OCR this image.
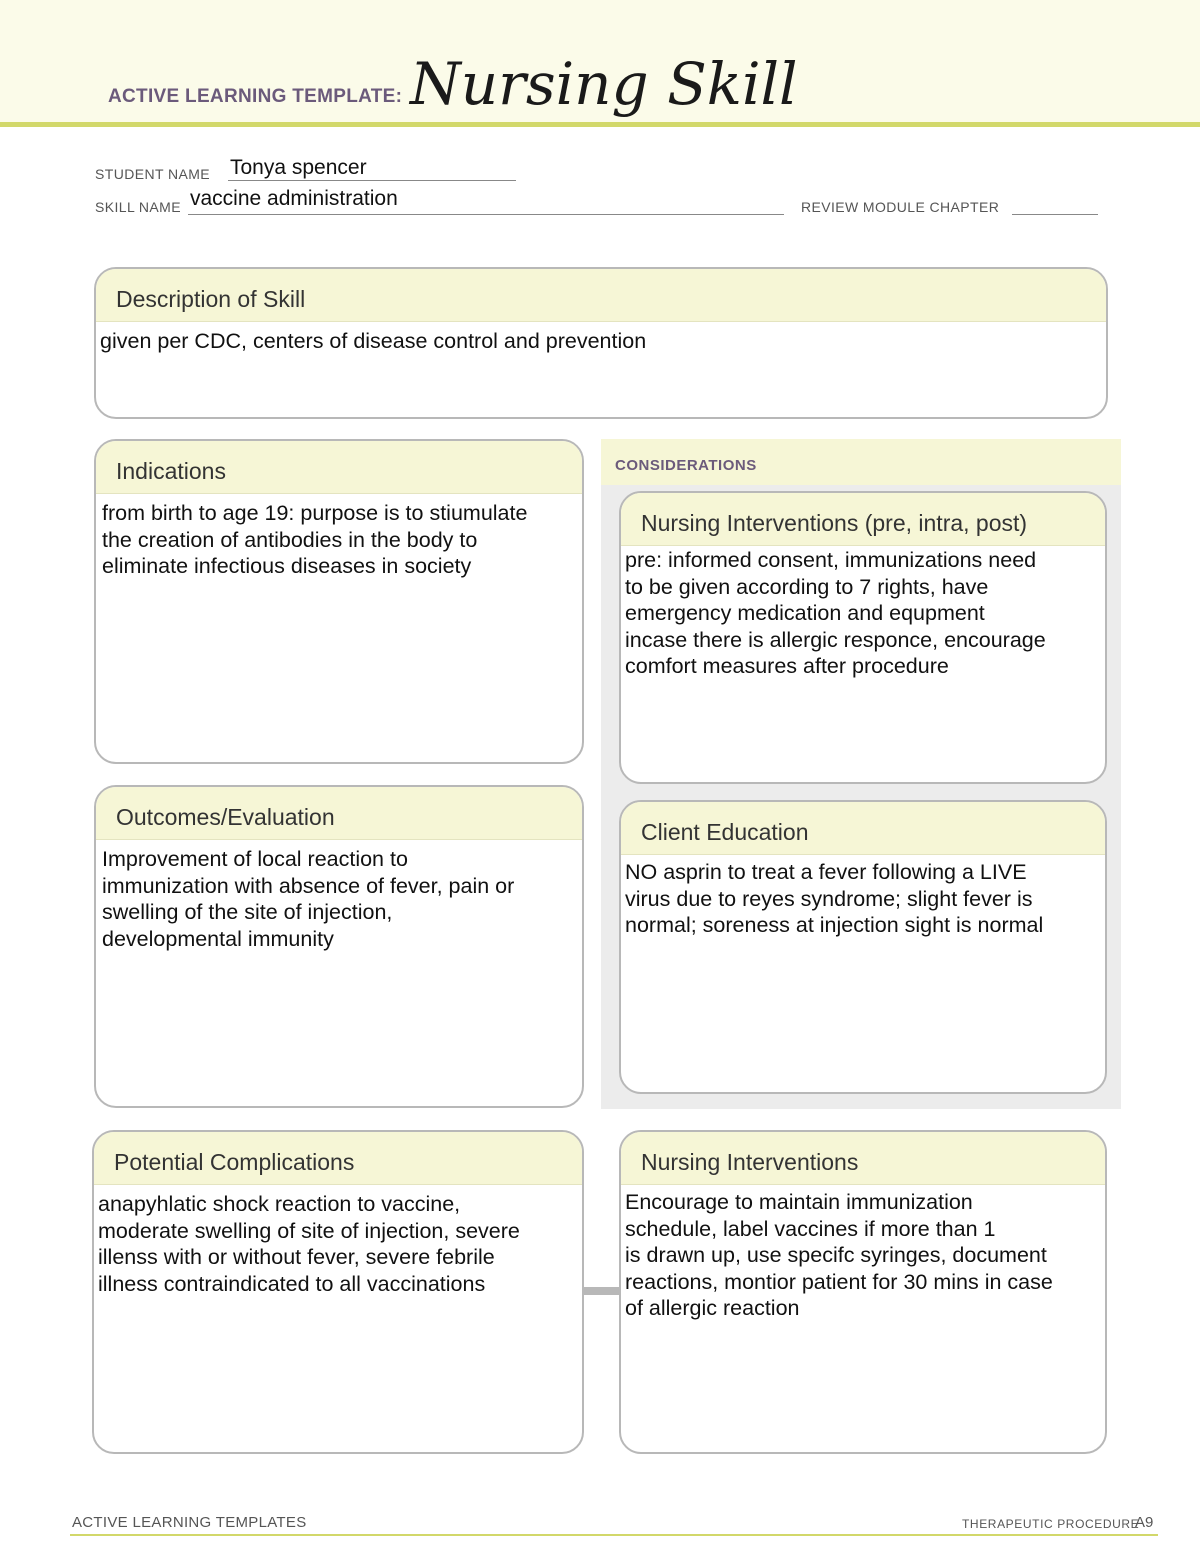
ACTIVE LEARNING TEMPLATE: Nursing Skill
STUDENT NAME Tonya spencer
SKILL NAME vaccine administration	REVIEW MODULE CHAPTER
Description of Skill
given per CDC, centers of disease control and prevention
CONSIDERATIONS
Indications
from birth to age 19: purpose is to stiumulate
the creation of antibodies in the body to
eliminate infectious diseases in society
Nursing Interventions (pre, intra, post)
pre: informed consent, immunizations need
to be given according to 7 rights, have
emergency medication and equpment
incase there is allergic responce, encourage
comfort measures after procedure
Outcomes/Evaluation
Improvement of local reaction to
immunization with absence of fever, pain or
swelling of the site of injection,
developmental immunity
Client Education
NO asprin to treat a fever following a LIVE
virus due to reyes syndrome; slight fever is
normal; soreness at injection sight is normal
Potential Complications
anapyhlatic shock reaction to vaccine,
moderate swelling of site of injection, severe
illenss with or without fever, severe febrile
illness contraindicated to all vaccinations
Nursing Interventions
Encourage to maintain immunization
schedule, label vaccines if more than 1
is drawn up, use specifc syringes, document
reactions, montior patient for 30 mins in case
of allergic reaction
ACTIVE LEARNING TEMPLATES	THERAPEUTIC PROCEDURE
A9
